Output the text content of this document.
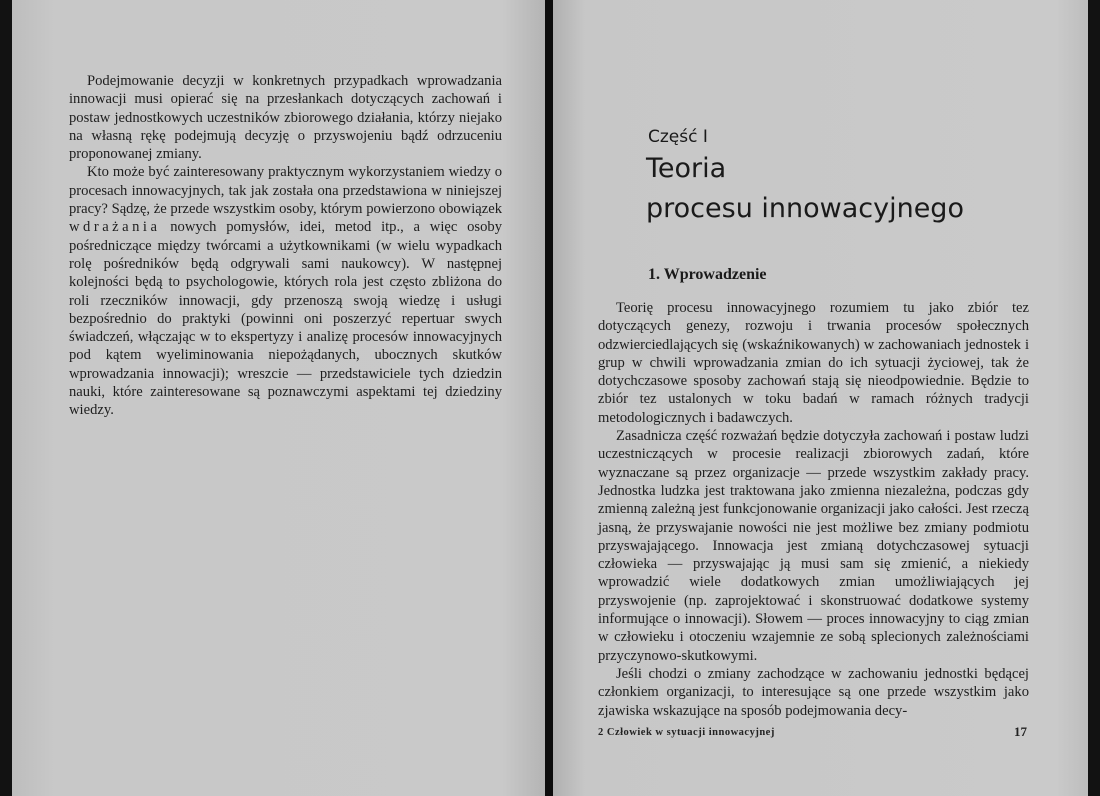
Podejmowanie decyzji w konkretnych przypadkach wprowadzania innowacji musi opierać się na przesłankach dotyczących zachowań i postaw jednostkowych uczestników zbiorowego działania, którzy niejako na własną rękę podejmują decyzję o przyswojeniu bądź odrzuceniu proponowanej zmiany.

Kto może być zainteresowany praktycznym wykorzystaniem wiedzy o procesach innowacyjnych, tak jak została ona przedstawiona w niniejszej pracy? Sądzę, że przede wszystkim osoby, którym powierzono obowiązek wdrażania nowych pomysłów, idei, metod itp., a więc osoby pośredniczące między twórcami a użytkownikami (w wielu wypadkach rolę pośredników będą odgrywali sami naukowcy). W następnej kolejności będą to psychologowie, których rola jest często zbliżona do roli rzeczników innowacji, gdy przenoszą swoją wiedzę i usługi bezpośrednio do praktyki (powinni oni poszerzyć repertuar swych świadczeń, włączając w to ekspertyzy i analizę procesów innowacyjnych pod kątem wyeliminowania niepożądanych, ubocznych skutków wprowadzania innowacji); wreszcie — przedstawiciele tych dziedzin nauki, które zainteresowane są poznawczymi aspektami tej dziedziny wiedzy.

Część I

Teoria
procesu innowacyjnego

1. Wprowadzenie

Teorię procesu innowacyjnego rozumiem tu jako zbiór tez dotyczących genezy, rozwoju i trwania procesów społecznych odzwierciedlających się (wskaźnikowanych) w zachowaniach jednostek i grup w chwili wprowadzania zmian do ich sytuacji życiowej, tak że dotychczasowe sposoby zachowań stają się nieodpowiednie. Będzie to zbiór tez ustalonych w toku badań w ramach różnych tradycji metodologicznych i badawczych.

Zasadnicza część rozważań będzie dotyczyła zachowań i postaw ludzi uczestniczących w procesie realizacji zbiorowych zadań, które wyznaczane są przez organizacje — przede wszystkim zakłady pracy. Jednostka ludzka jest traktowana jako zmienna niezależna, podczas gdy zmienną zależną jest funkcjonowanie organizacji jako całości. Jest rzeczą jasną, że przyswajanie nowości nie jest możliwe bez zmiany podmiotu przyswajającego. Innowacja jest zmianą dotychczasowej sytuacji człowieka — przyswajając ją musi sam się zmienić, a niekiedy wprowadzić wiele dodatkowych zmian umożliwiających jej przyswojenie (np. zaprojektować i skonstruować dodatkowe systemy informujące o innowacji). Słowem — proces innowacyjny to ciąg zmian w człowieku i otoczeniu wzajemnie ze sobą splecionych zależnościami przyczynowo-skutkowymi.

Jeśli chodzi o zmiany zachodzące w zachowaniu jednostki będącej członkiem organizacji, to interesujące są one przede wszystkim jako zjawiska wskazujące na sposób podejmowania decy-

2 Człowiek w sytuacji innowacyjnej	17
